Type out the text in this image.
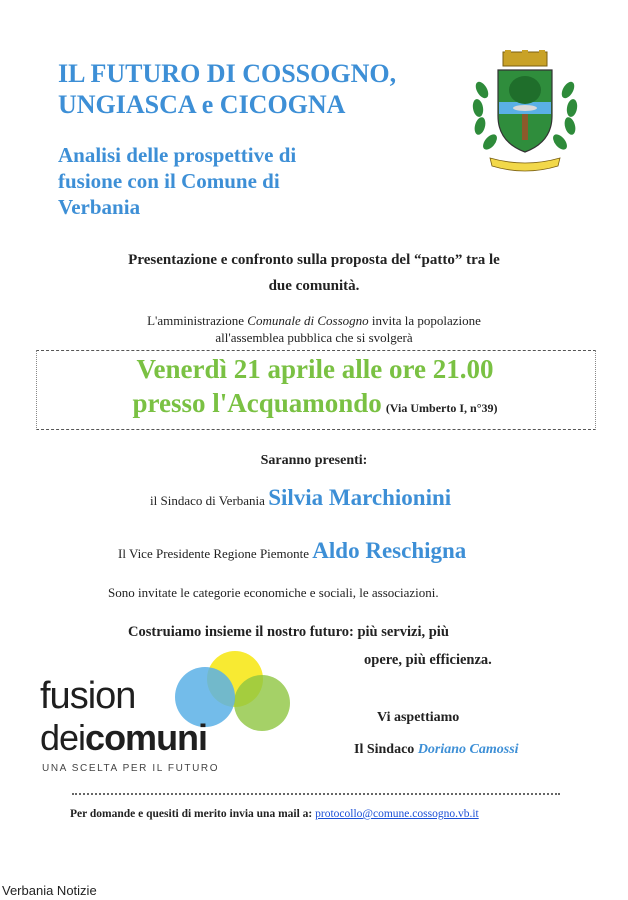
IL FUTURO DI COSSOGNO,
UNGIASCA e CICOGNA
Analisi delle prospettive di
fusione con il Comune di
Verbania
Presentazione e confronto sulla proposta del “patto” tra le
due comunità.
L'amministrazione Comunale di Cossogno invita la popolazione
all'assemblea pubblica che si svolgerà
Venerdì 21 aprile alle ore 21.00
presso l'Acquamondo (Via Umberto I, n°39)
Saranno presenti:
il Sindaco di Verbania Silvia Marchionini
Il Vice Presidente Regione Piemonte Aldo Reschigna
Sono invitate le categorie economiche e sociali, le associazioni.
Costruiamo insieme il nostro futuro: più servizi, più
opere, più efficienza.
fusione
deicomuni
UNA SCELTA PER IL FUTURO
Vi aspettiamo
Il Sindaco Doriano Camossi
Per domande e quesiti di merito invia una mail a: protocollo@comune.cossogno.vb.it
Verbania Notizie
